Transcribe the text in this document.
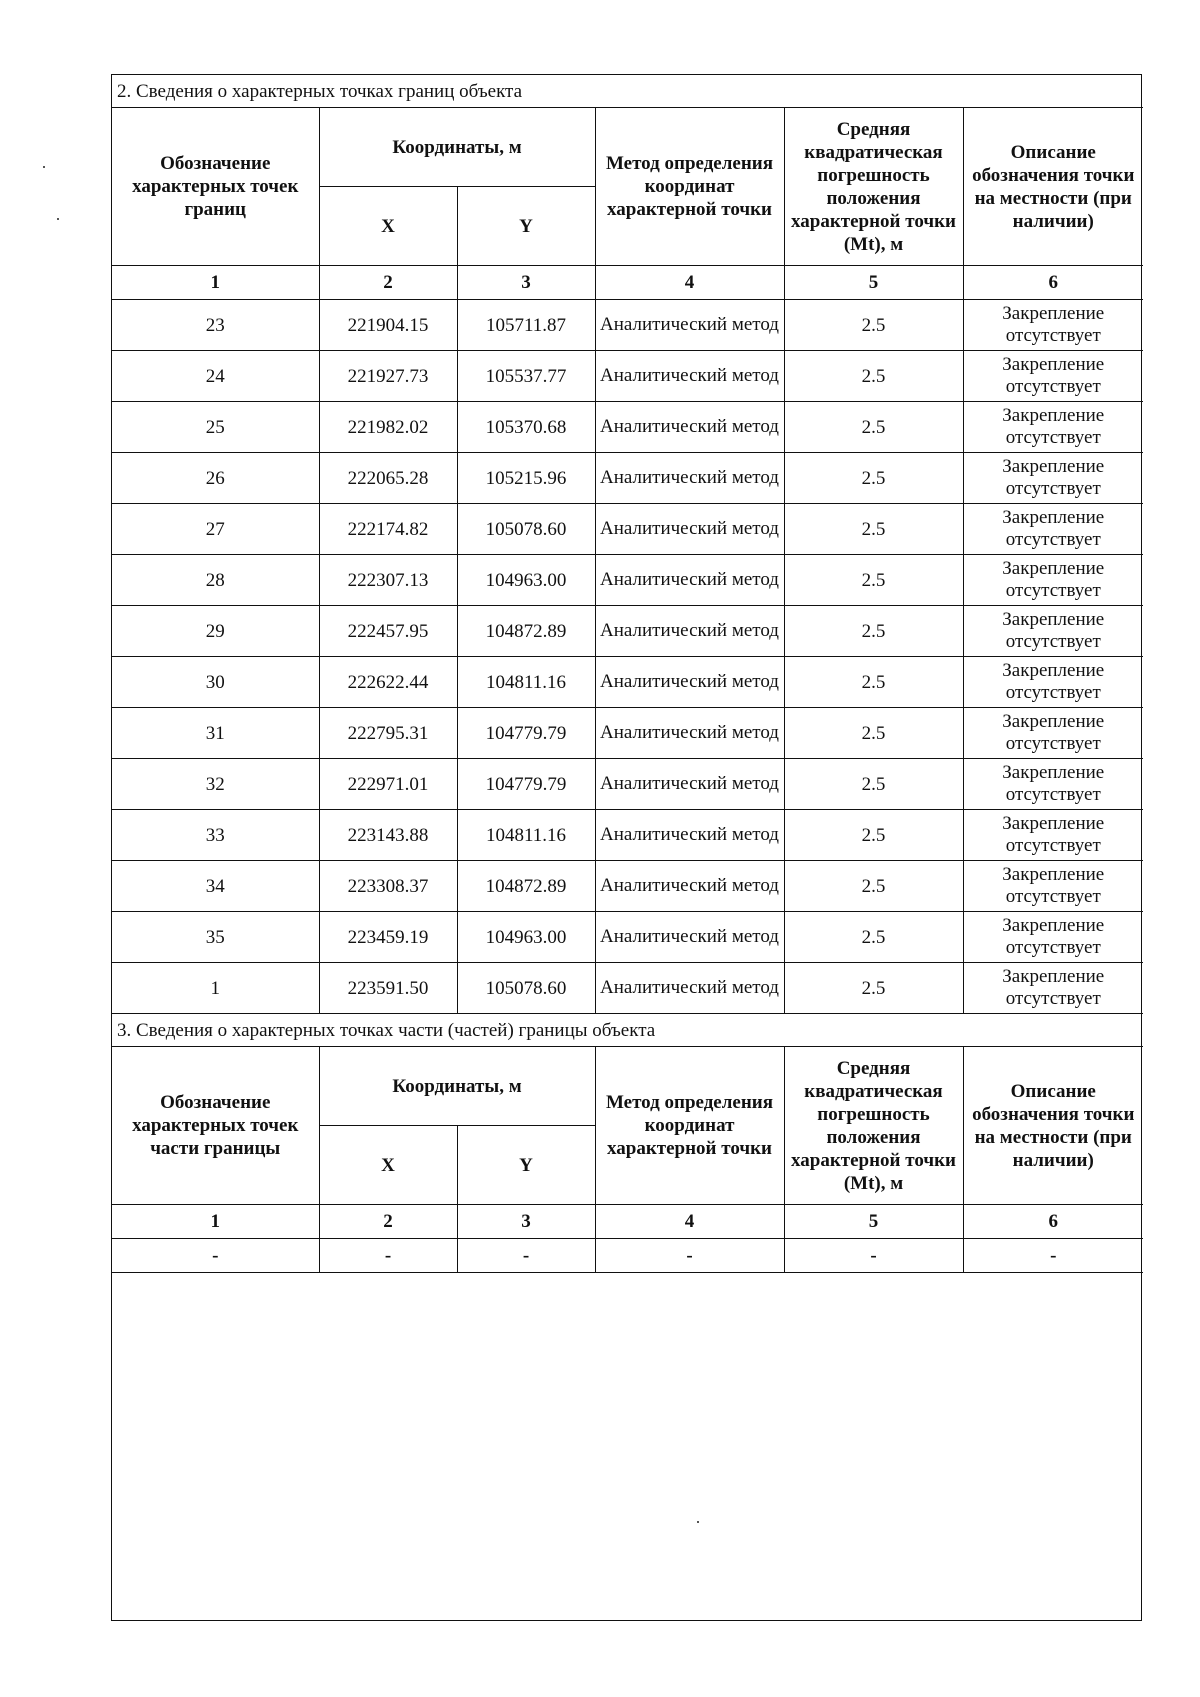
2. Сведения о характерных точках границ объекта					
Обозначение характерных точек границ	Координаты, м		Метод определения координат характерной точки	Средняя квадратическая погрешность положения характерной точки (Mt), м	Описание обозначения точки на местности (при наличии)
	X	Y			
1	2	3	4	5	6
23	221904.15	105711.87	Аналитический метод	2.5	Закрепление отсутствует
24	221927.73	105537.77	Аналитический метод	2.5	Закрепление отсутствует
25	221982.02	105370.68	Аналитический метод	2.5	Закрепление отсутствует
26	222065.28	105215.96	Аналитический метод	2.5	Закрепление отсутствует
27	222174.82	105078.60	Аналитический метод	2.5	Закрепление отсутствует
28	222307.13	104963.00	Аналитический метод	2.5	Закрепление отсутствует
29	222457.95	104872.89	Аналитический метод	2.5	Закрепление отсутствует
30	222622.44	104811.16	Аналитический метод	2.5	Закрепление отсутствует
31	222795.31	104779.79	Аналитический метод	2.5	Закрепление отсутствует
32	222971.01	104779.79	Аналитический метод	2.5	Закрепление отсутствует
33	223143.88	104811.16	Аналитический метод	2.5	Закрепление отсутствует
34	223308.37	104872.89	Аналитический метод	2.5	Закрепление отсутствует
35	223459.19	104963.00	Аналитический метод	2.5	Закрепление отсутствует
1	223591.50	105078.60	Аналитический метод	2.5	Закрепление отсутствует
3. Сведения о характерных точках части (частей) границы объекта					
Обозначение характерных точек части границы	Координаты, м		Метод определения координат характерной точки	Средняя квадратическая погрешность положения характерной точки (Mt), м	Описание обозначения точки на местности (при наличии)
	X	Y			
1	2	3	4	5	6
-	-	-	-	-	-
